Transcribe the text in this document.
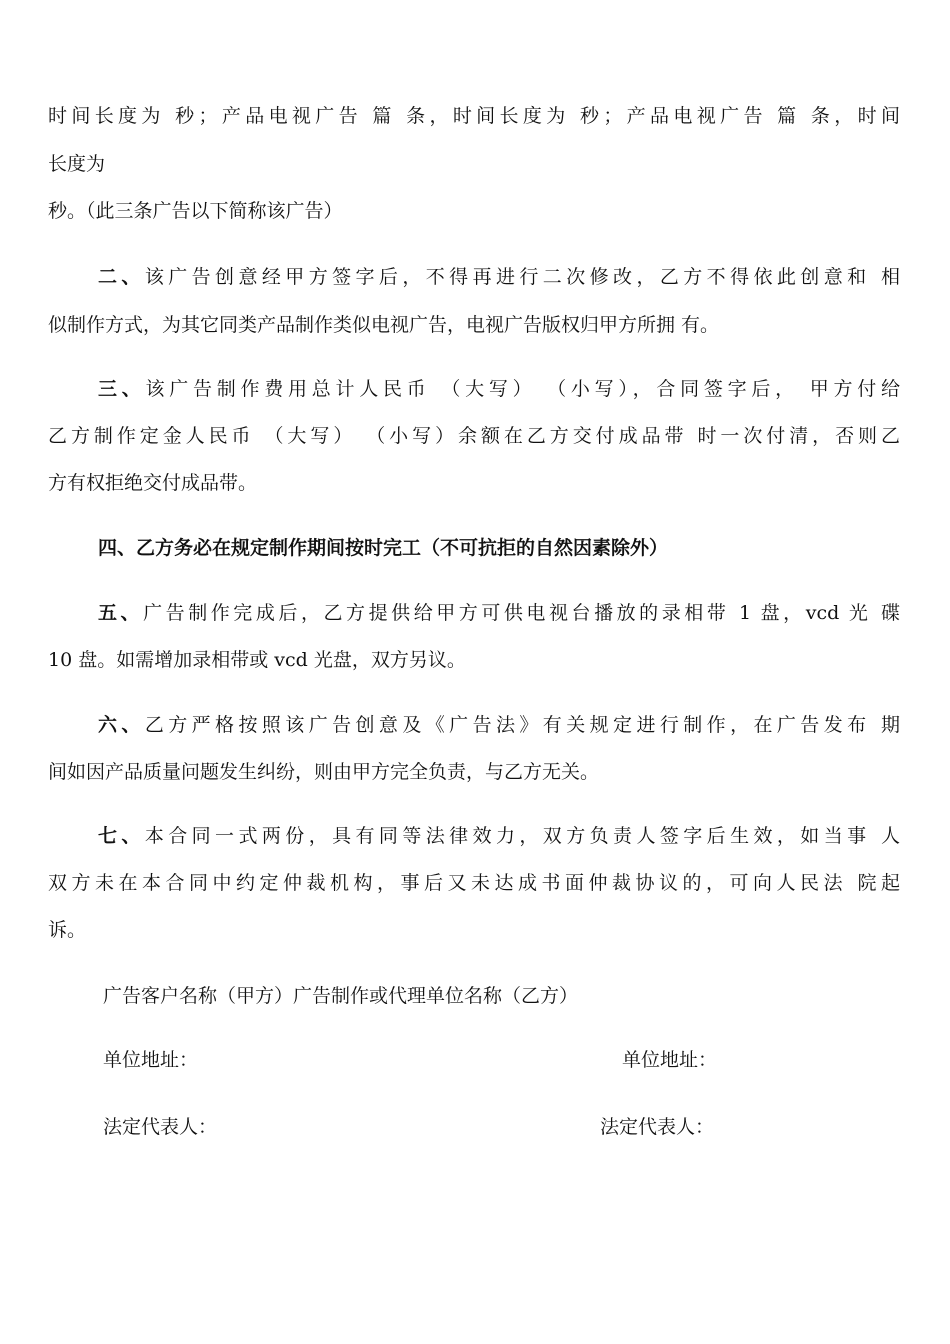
时间长度为 秒；产品电视广告 篇 条，时间长度为 秒；产品电视广告 篇 条，时间
长度为
秒。（此三条广告以下简称该广告）
二、该广告创意经甲方签字后，不得再进行二次修改，乙方不得依此创意和 相
似制作方式，为其它同类产品制作类似电视广告，电视广告版权归甲方所拥 有。
三、该广告制作费用总计人民币 （大写） （小写），合同签字后， 甲方付给
乙方制作定金人民币 （大写） （小写）余额在乙方交付成品带 时一次付清，否则乙
方有权拒绝交付成品带。
四、乙方务必在规定制作期间按时完工（不可抗拒的自然因素除外）
五、广告制作完成后，乙方提供给甲方可供电视台播放的录相带 1 盘，vcd 光 碟
10 盘。如需增加录相带或 vcd 光盘，双方另议。
六、乙方严格按照该广告创意及《广告法》有关规定进行制作，在广告发布 期
间如因产品质量问题发生纠纷，则由甲方完全负责，与乙方无关。
七、本合同一式两份，具有同等法律效力，双方负责人签字后生效，如当事 人
双方未在本合同中约定仲裁机构，事后又未达成书面仲裁协议的，可向人民法 院起
诉。
广告客户名称（甲方）广告制作或代理单位名称（乙方）
单位地址：	单位地址：
法定代表人：	法定代表人：
